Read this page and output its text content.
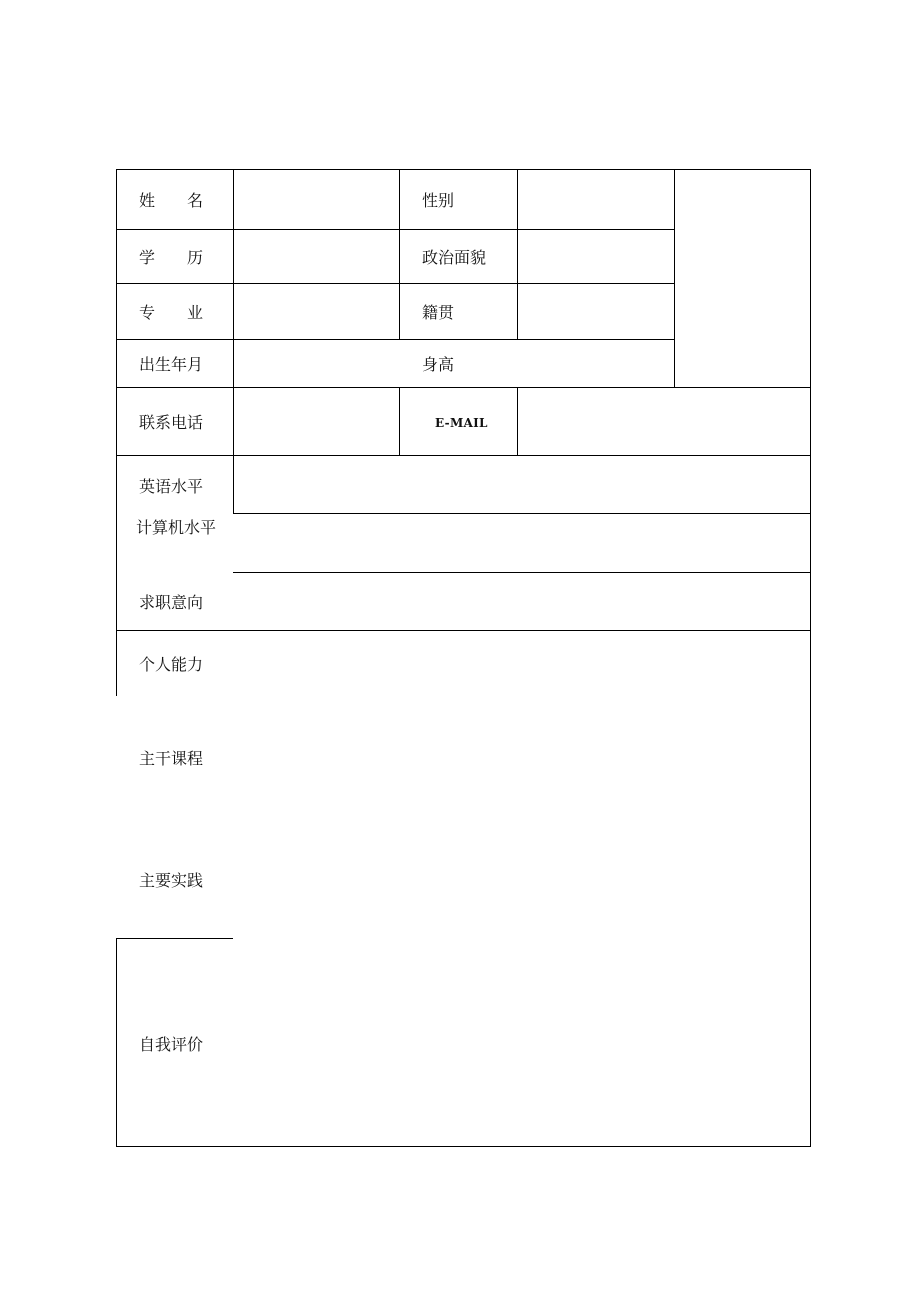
姓 名	性别
学 历	政治面貌
专 业	籍贯
出生年月	身高
联系电话	E-MAIL
英语水平
计算机水平
求职意向
个人能力
主干课程
主要实践
自我评价
